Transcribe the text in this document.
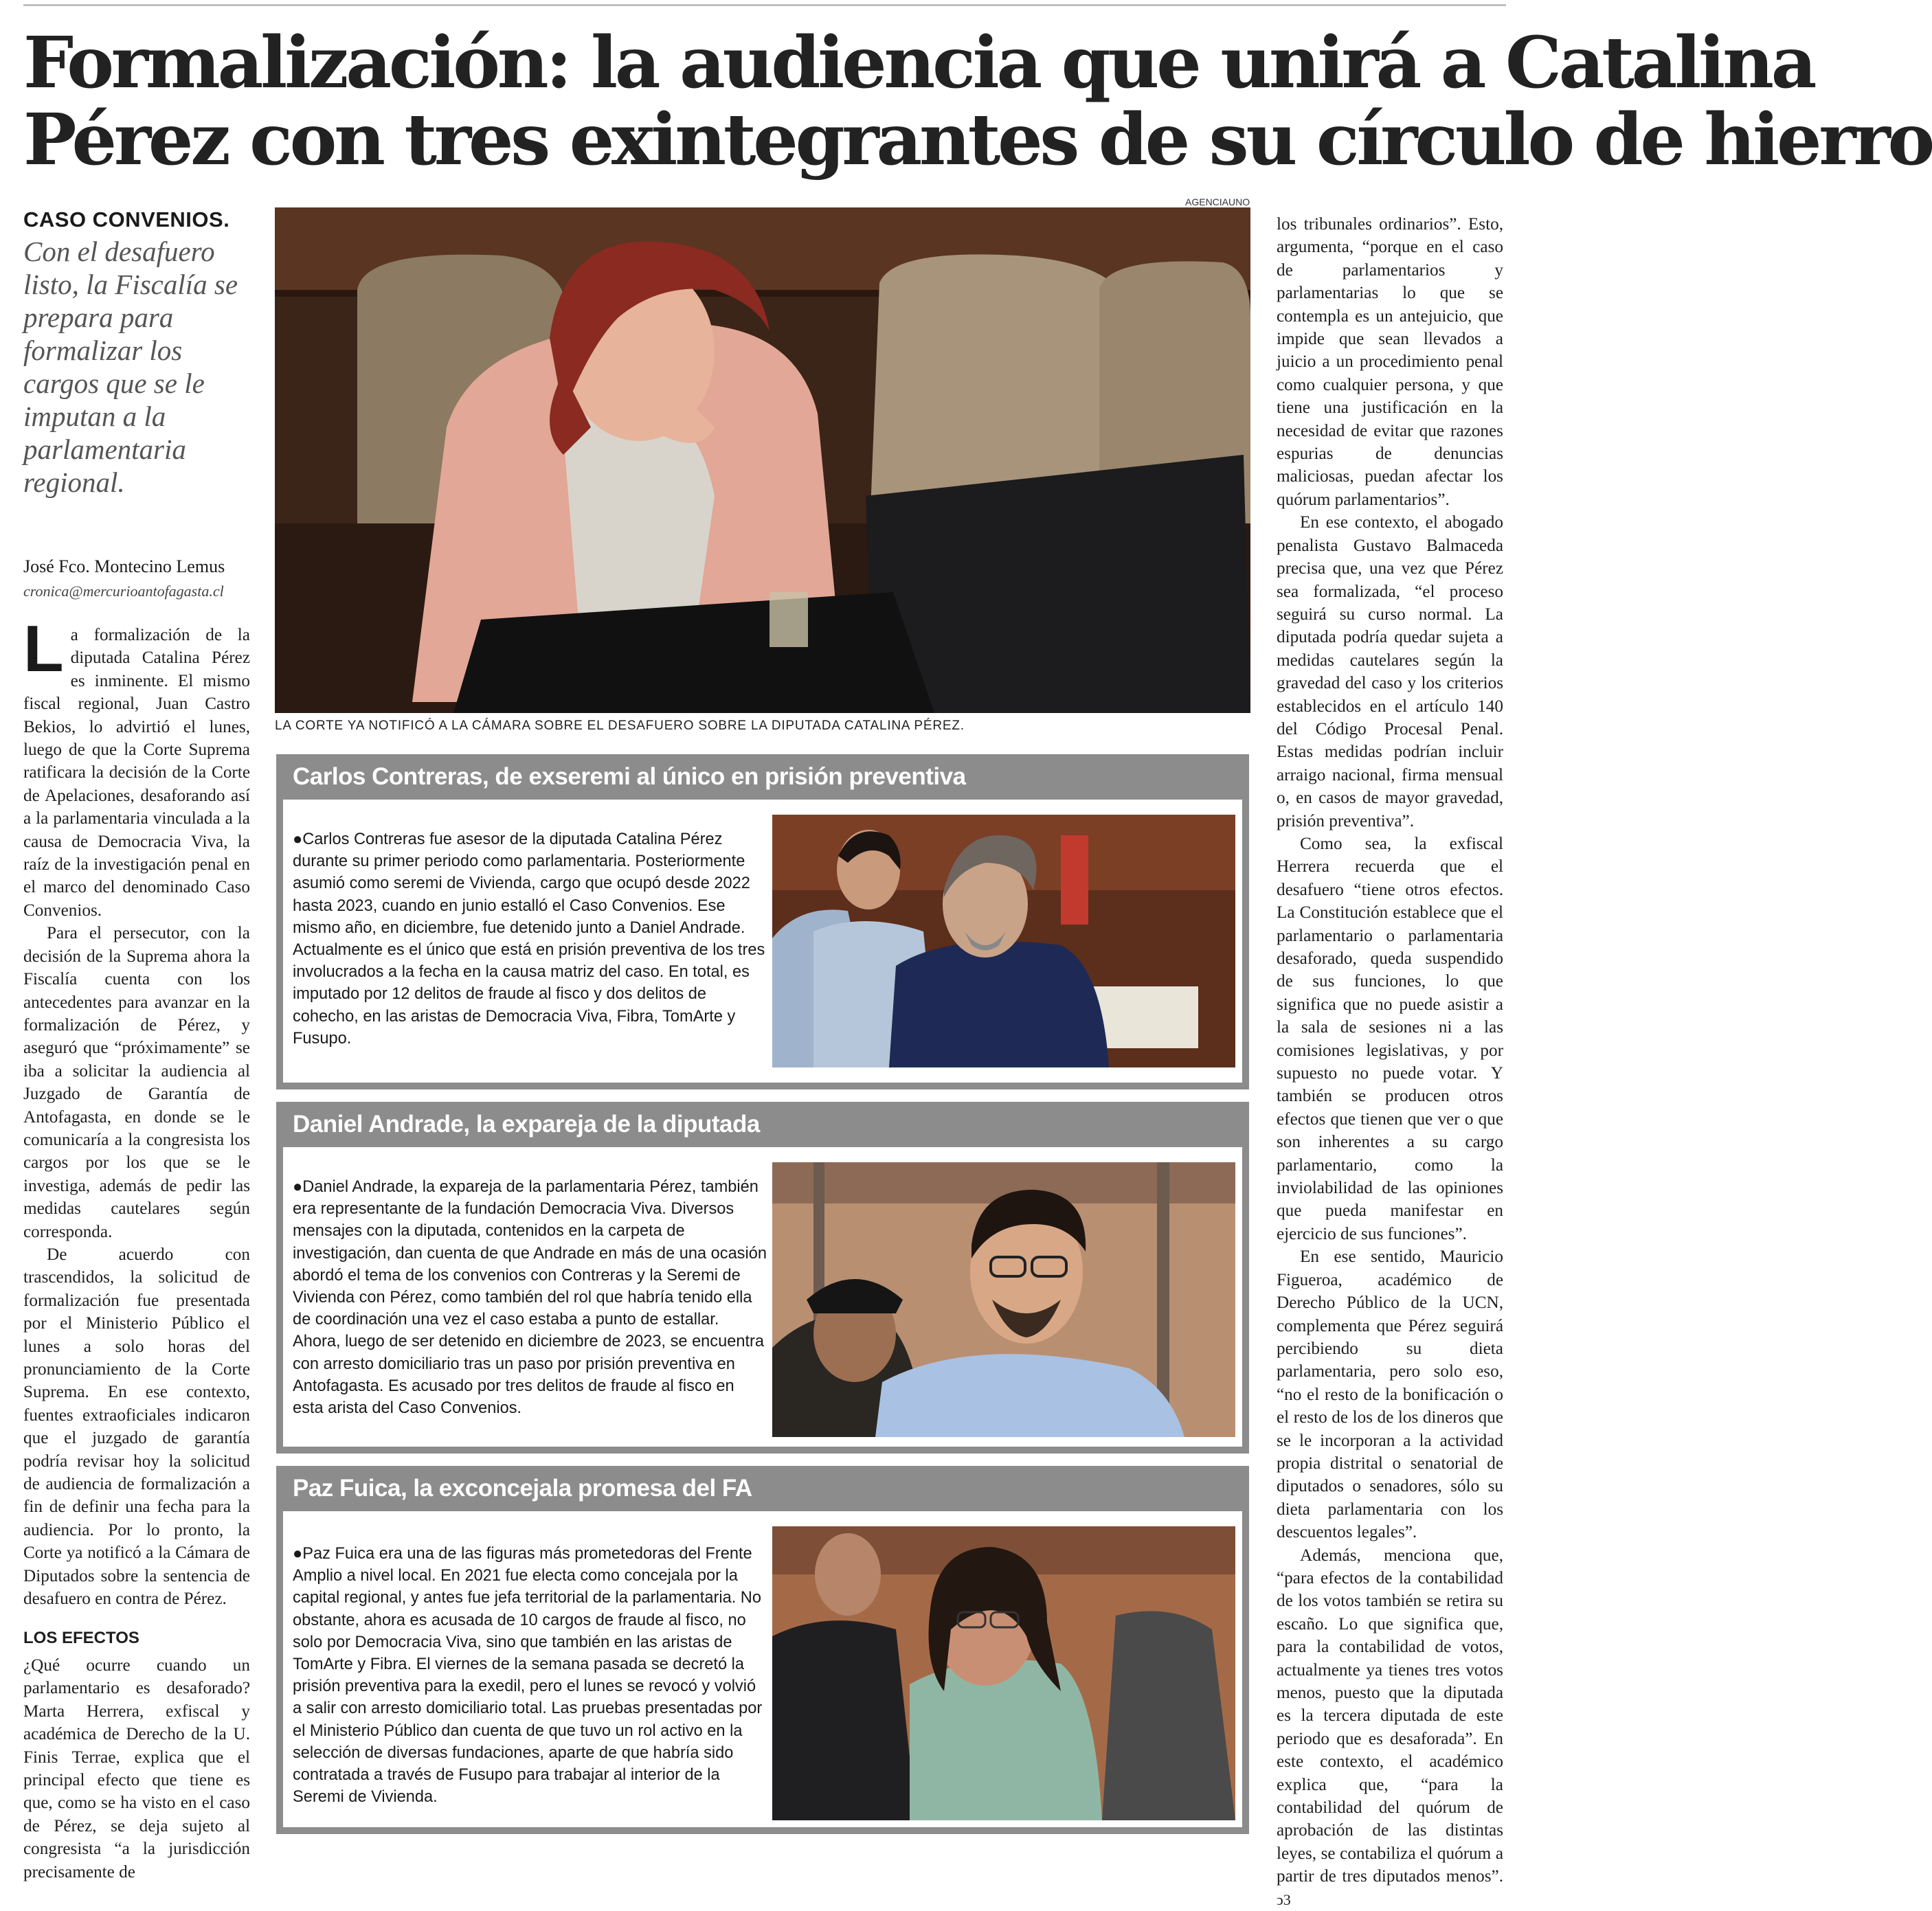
Formalización: la audiencia que unirá a Catalina
Pérez con tres exintegrantes de su círculo de hierro
CASO CONVENIOS.
Con el desafuero listo, la Fiscalía se prepara para formalizar los cargos que se le imputan a la parlamentaria regional.
José Fco. Montecino Lemus
cronica@mercurioantofagasta.cl

La formalización de la diputada Catalina Pérez es inminente. El mismo fiscal regional, Juan Castro Bekios, lo advirtió el lunes, luego de que la Corte Suprema ratificara la decisión de la Corte de Apelaciones, desaforando así a la parlamentaria vinculada a la causa de Democracia Viva, la raíz de la investigación penal en el marco del denominado Caso Convenios.

Para el persecutor, con la decisión de la Suprema ahora la Fiscalía cuenta con los antecedentes para avanzar en la formalización de Pérez, y aseguró que “próximamente” se iba a solicitar la audiencia al Juzgado de Garantía de Antofagasta, en donde se le comunicaría a la congresista los cargos por los que se le investiga, además de pedir las medidas cautelares según corresponda.

De acuerdo con trascendidos, la solicitud de formalización fue presentada por el Ministerio Público el lunes a solo horas del pronunciamiento de la Corte Suprema. En ese contexto, fuentes extraoficiales indicaron que el juzgado de garantía podría revisar hoy la solicitud de audiencia de formalización a fin de definir una fecha para la audiencia. Por lo pronto, la Corte ya notificó a la Cámara de Diputados sobre la sentencia de desafuero en contra de Pérez.

LOS EFECTOS

¿Qué ocurre cuando un parlamentario es desaforado? Marta Herrera, exfiscal y académica de Derecho de la U. Finis Terrae, explica que el principal efecto que tiene es que, como se ha visto en el caso de Pérez, se deja sujeto al congresista “a la jurisdicción precisamente de

AGENCIAUNO
LA CORTE YA NOTIFICÓ A LA CÁMARA SOBRE EL DESAFUERO SOBRE LA DIPUTADA CATALINA PÉREZ.
Carlos Contreras, de exseremi al único en prisión preventiva
●Carlos Contreras fue asesor de la diputada Catalina Pérez durante su primer periodo como parlamentaria. Posteriormente asumió como seremi de Vivienda, cargo que ocupó desde 2022 hasta 2023, cuando en junio estalló el Caso Convenios. Ese mismo año, en diciembre, fue detenido junto a Daniel Andrade. Actualmente es el único que está en prisión preventiva de los tres involucrados a la fecha en la causa matriz del caso. En total, es imputado por 12 delitos de fraude al fisco y dos delitos de cohecho, en las aristas de Democracia Viva, Fibra, TomArte y Fusupo.
Daniel Andrade, la expareja de la diputada
●Daniel Andrade, la expareja de la parlamentaria Pérez, también era representante de la fundación Democracia Viva. Diversos mensajes con la diputada, contenidos en la carpeta de investigación, dan cuenta de que Andrade en más de una ocasión abordó el tema de los convenios con Contreras y la Seremi de Vivienda con Pérez, como también del rol que habría tenido ella de coordinación una vez el caso estaba a punto de estallar. Ahora, luego de ser detenido en diciembre de 2023, se encuentra con arresto domiciliario tras un paso por prisión preventiva en Antofagasta. Es acusado por tres delitos de fraude al fisco en esta arista del Caso Convenios.
Paz Fuica, la exconcejala promesa del FA
●Paz Fuica era una de las figuras más prometedoras del Frente Amplio a nivel local. En 2021 fue electa como concejala por la capital regional, y antes fue jefa territorial de la parlamentaria. No obstante, ahora es acusada de 10 cargos de fraude al fisco, no solo por Democracia Viva, sino que también en las aristas de TomArte y Fibra. El viernes de la semana pasada se decretó la prisión preventiva para la exedil, pero el lunes se revocó y volvió a salir con arresto domiciliario total. Las pruebas presentadas por el Ministerio Público dan cuenta de que tuvo un rol activo en la selección de diversas fundaciones, aparte de que habría sido contratada a través de Fusupo para trabajar al interior de la Seremi de Vivienda.

los tribunales ordinarios”. Esto, argumenta, “porque en el caso de parlamentarios y parlamentarias lo que se contempla es un antejuicio, que impide que sean llevados a juicio a un procedimiento penal como cualquier persona, y que tiene una justificación en la necesidad de evitar que razones espurias de denuncias maliciosas, puedan afectar los quórum parlamentarios”.

En ese contexto, el abogado penalista Gustavo Balmaceda precisa que, una vez que Pérez sea formalizada, “el proceso seguirá su curso normal. La diputada podría quedar sujeta a medidas cautelares según la gravedad del caso y los criterios establecidos en el artículo 140 del Código Procesal Penal. Estas medidas podrían incluir arraigo nacional, firma mensual o, en casos de mayor gravedad, prisión preventiva”.

Como sea, la exfiscal Herrera recuerda que el desafuero “tiene otros efectos. La Constitución establece que el parlamentario o parlamentaria desaforado, queda suspendido de sus funciones, lo que significa que no puede asistir a la sala de sesiones ni a las comisiones legislativas, y por supuesto no puede votar. Y también se producen otros efectos que tienen que ver o que son inherentes a su cargo parlamentario, como la inviolabilidad de las opiniones que pueda manifestar en ejercicio de sus funciones”.

En ese sentido, Mauricio Figueroa, académico de Derecho Público de la UCN, complementa que Pérez seguirá percibiendo su dieta parlamentaria, pero solo eso, “no el resto de la bonificación o el resto de los de los dineros que se le incorporan a la actividad propia distrital o senatorial de diputados o senadores, sólo su dieta parlamentaria con los descuentos legales”.

Además, menciona que, “para efectos de la contabilidad de los votos también se retira su escaño. Lo que significa que, para la contabilidad de votos, actualmente ya tienes tres votos menos, puesto que la diputada es la tercera diputada de este periodo que es desaforada”. En este contexto, el académico explica que, “para la contabilidad del quórum de aprobación de las distintas leyes, se contabiliza el quórum a partir de tres diputados menos”. ↄ3
